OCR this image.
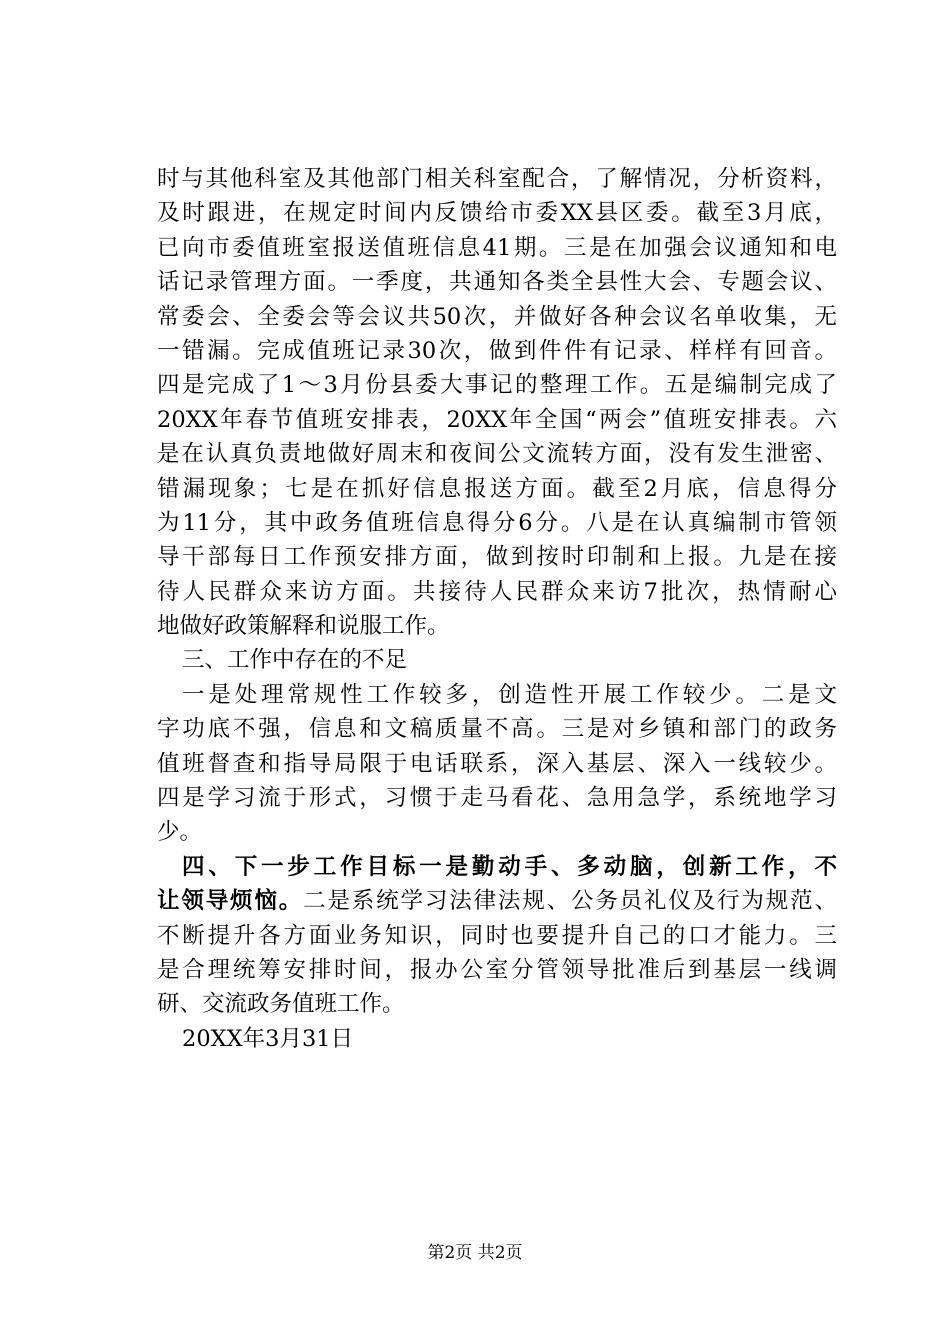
时与其他科室及其他部门相关科室配合，了解情况，分析资料，
及时跟进，在规定时间内反馈给市委XX县区委。截至3月底，
已向市委值班室报送值班信息41期。三是在加强会议通知和电
话记录管理方面。一季度，共通知各类全县性大会、专题会议、
常委会、全委会等会议共50次，并做好各种会议名单收集，无
一错漏。完成值班记录30次，做到件件有记录、样样有回音。
四是完成了1～3月份县委大事记的整理工作。五是编制完成了
20XX年春节值班安排表，20XX年全国“两会”值班安排表。六
是在认真负责地做好周末和夜间公文流转方面，没有发生泄密、
错漏现象；七是在抓好信息报送方面。截至2月底，信息得分
为11分，其中政务值班信息得分6分。八是在认真编制市管领
导干部每日工作预安排方面，做到按时印制和上报。九是在接
待人民群众来访方面。共接待人民群众来访7批次，热情耐心
地做好政策解释和说服工作。
三、工作中存在的不足
一是处理常规性工作较多，创造性开展工作较少。二是文
字功底不强，信息和文稿质量不高。三是对乡镇和部门的政务
值班督查和指导局限于电话联系，深入基层、深入一线较少。
四是学习流于形式，习惯于走马看花、急用急学，系统地学习
少。
四、下一步工作目标一是勤动手、多动脑，创新工作，不
让领导烦恼。二是系统学习法律法规、公务员礼仪及行为规范、
不断提升各方面业务知识，同时也要提升自己的口才能力。三
是合理统筹安排时间，报办公室分管领导批准后到基层一线调
研、交流政务值班工作。
20XX年3月31日
第2页 共2页
